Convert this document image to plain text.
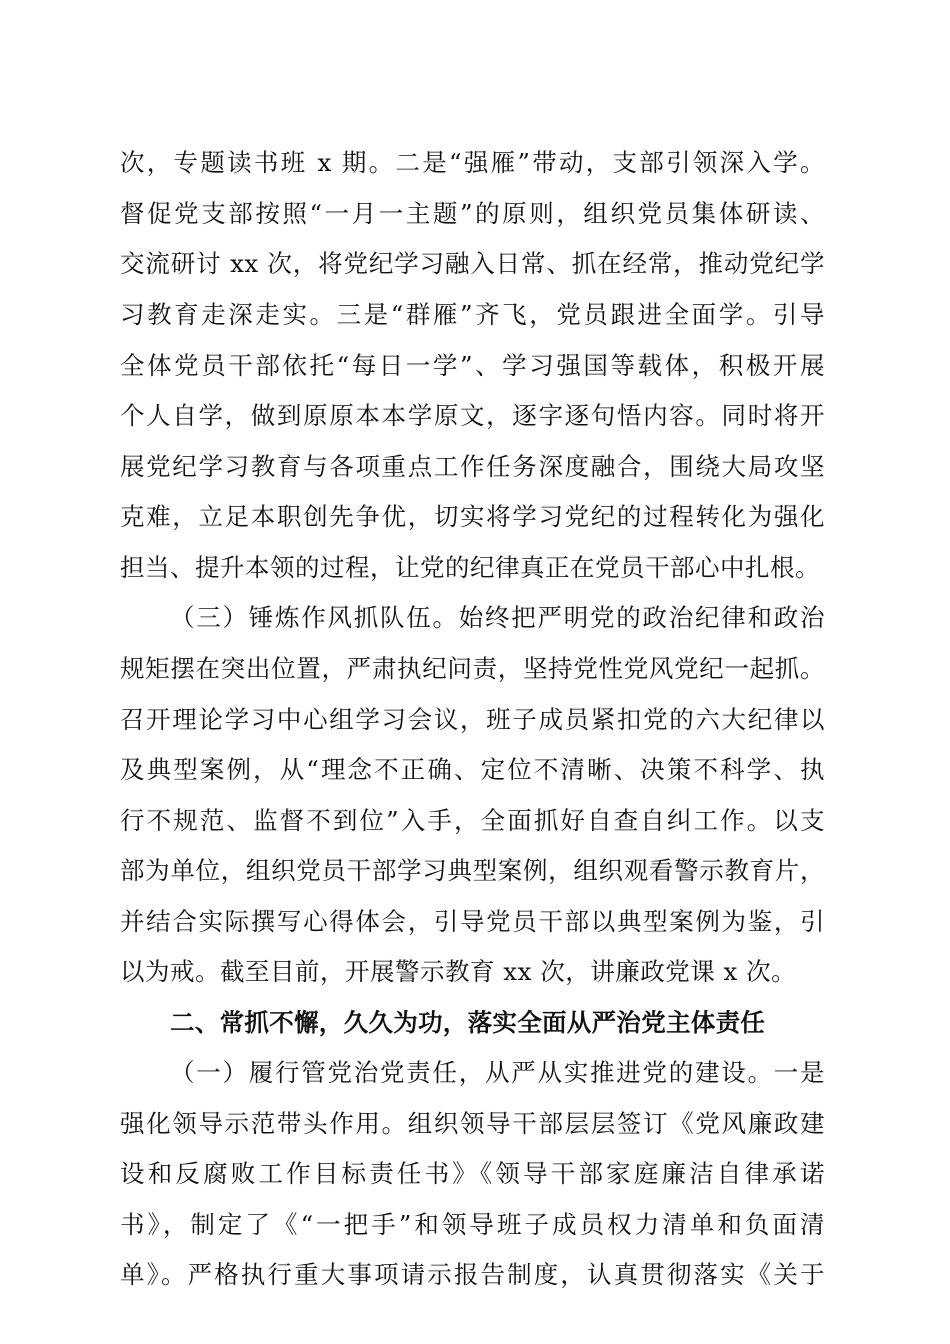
次，专题读书班 x 期。二是“强雁”带动，支部引领深入学。
督促党支部按照“一月一主题”的原则，组织党员集体研读、
交流研讨 xx 次，将党纪学习融入日常、抓在经常，推动党纪学
习教育走深走实。三是“群雁”齐飞，党员跟进全面学。引导
全体党员干部依托“每日一学”、学习强国等载体，积极开展
个人自学，做到原原本本学原文，逐字逐句悟内容。同时将开
展党纪学习教育与各项重点工作任务深度融合，围绕大局攻坚
克难，立足本职创先争优，切实将学习党纪的过程转化为强化
担当、提升本领的过程，让党的纪律真正在党员干部心中扎根。
（三）锤炼作风抓队伍。始终把严明党的政治纪律和政治
规矩摆在突出位置，严肃执纪问责，坚持党性党风党纪一起抓。
召开理论学习中心组学习会议，班子成员紧扣党的六大纪律以
及典型案例，从“理念不正确、定位不清晰、决策不科学、执
行不规范、监督不到位”入手，全面抓好自查自纠工作。以支
部为单位，组织党员干部学习典型案例，组织观看警示教育片，
并结合实际撰写心得体会，引导党员干部以典型案例为鉴，引
以为戒。截至目前，开展警示教育 xx 次，讲廉政党课 x 次。
二、常抓不懈，久久为功，落实全面从严治党主体责任
（一）履行管党治党责任，从严从实推进党的建设。一是
强化领导示范带头作用。组织领导干部层层签订《党风廉政建
设和反腐败工作目标责任书》《领导干部家庭廉洁自律承诺
书》，制定了《“一把手”和领导班子成员权力清单和负面清
单》。严格执行重大事项请示报告制度，认真贯彻落实《关于
